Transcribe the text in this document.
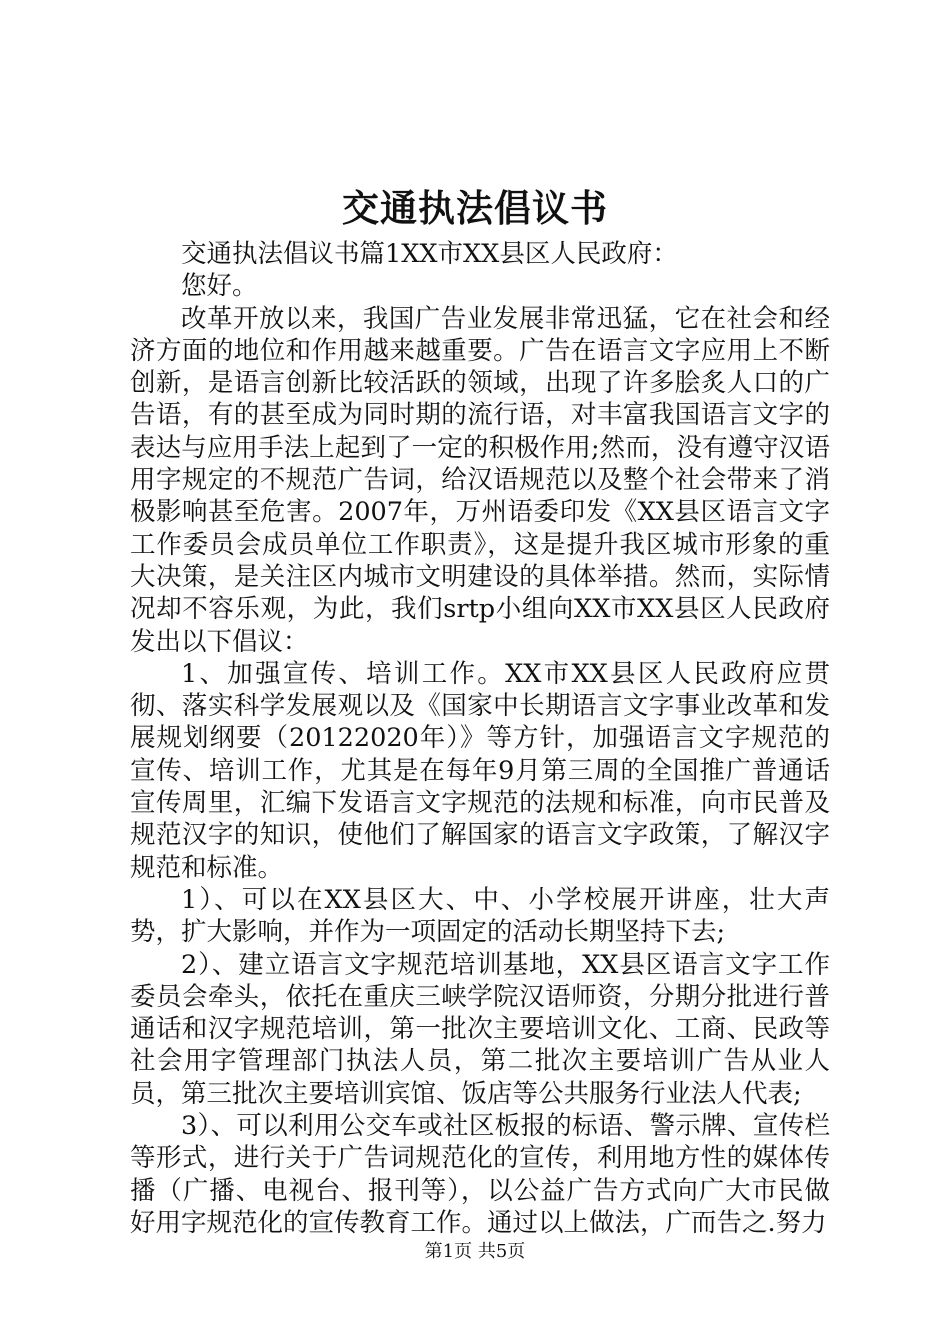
交通执法倡议书

交通执法倡议书篇1XX市XX县区人民政府：

您好。

改革开放以来，我国广告业发展非常迅猛，它在社会和经济方面的地位和作用越来越重要。广告在语言文字应用上不断创新，是语言创新比较活跃的领域，出现了许多脍炙人口的广告语，有的甚至成为同时期的流行语，对丰富我国语言文字的表达与应用手法上起到了一定的积极作用;然而，没有遵守汉语用字规定的不规范广告词，给汉语规范以及整个社会带来了消极影响甚至危害。2007年，万州语委印发《XX县区语言文字工作委员会成员单位工作职责》，这是提升我区城市形象的重大决策，是关注区内城市文明建设的具体举措。然而，实际情况却不容乐观，为此，我们srtp小组向XX市XX县区人民政府发出以下倡议：

1、加强宣传、培训工作。XX市XX县区人民政府应贯彻、落实科学发展观以及《国家中长期语言文字事业改革和发展规划纲要（20122020年）》等方针，加强语言文字规范的宣传、培训工作，尤其是在每年9月第三周的全国推广普通话宣传周里，汇编下发语言文字规范的法规和标准，向市民普及规范汉字的知识，使他们了解国家的语言文字政策，了解汉字规范和标准。

1）、可以在XX县区大、中、小学校展开讲座，壮大声势，扩大影响，并作为一项固定的活动长期坚持下去;

2）、建立语言文字规范培训基地，XX县区语言文字工作委员会牵头，依托在重庆三峡学院汉语师资，分期分批进行普通话和汉字规范培训，第一批次主要培训文化、工商、民政等社会用字管理部门执法人员，第二批次主要培训广告从业人员，第三批次主要培训宾馆、饭店等公共服务行业法人代表;

3）、可以利用公交车或社区板报的标语、警示牌、宣传栏等形式，进行关于广告词规范化的宣传，利用地方性的媒体传播（广播、电视台、报刊等），以公益广告方式向广大市民做好用字规范化的宣传教育工作。通过以上做法，广而告之.努力

第1页 共5页
